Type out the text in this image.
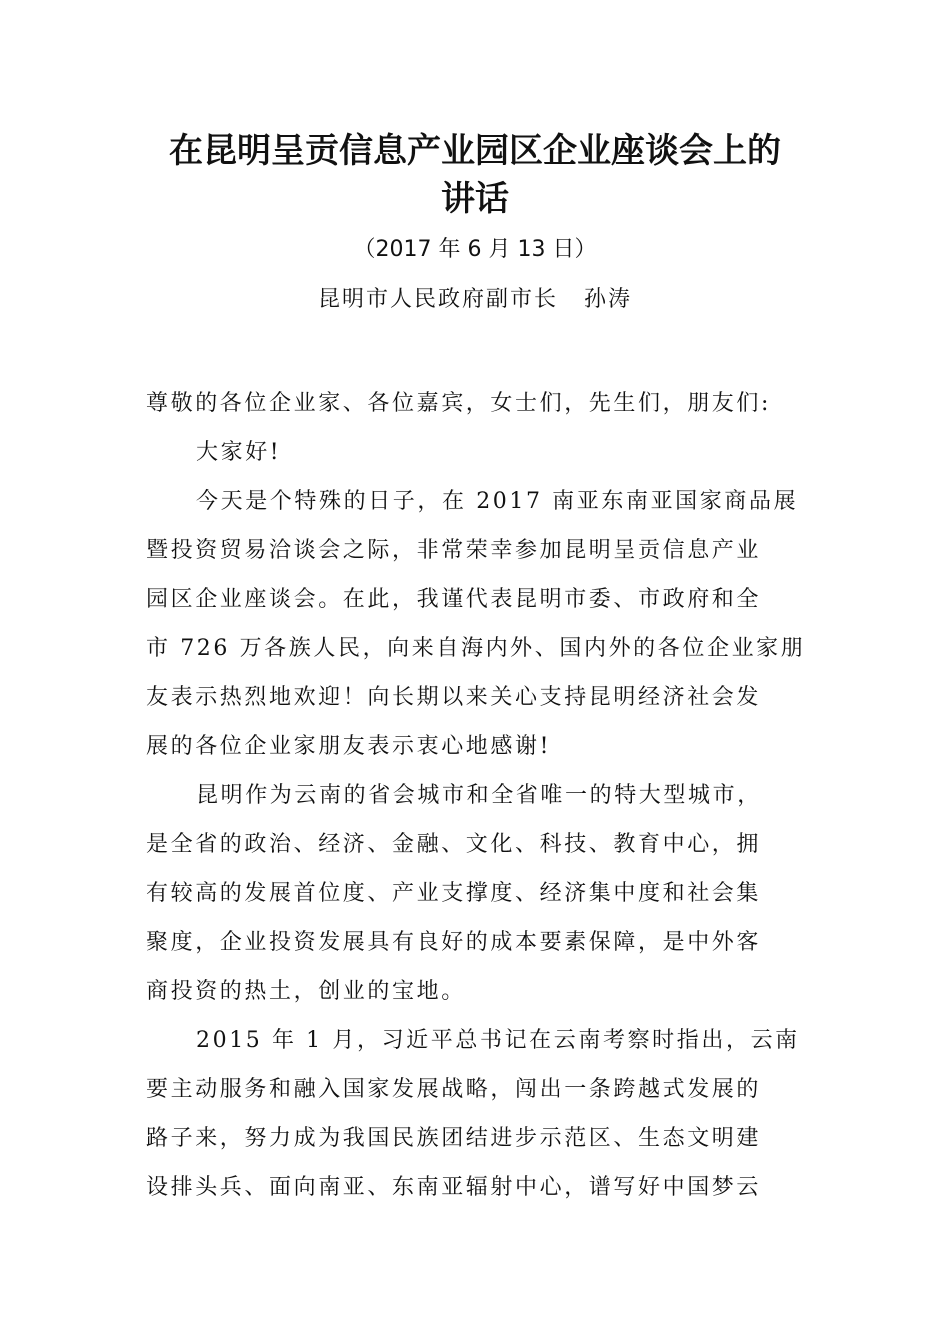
在昆明呈贡信息产业园区企业座谈会上的
讲话
（2017 年 6 月 13 日）
昆明市人民政府副市长 孙涛
尊敬的各位企业家、各位嘉宾，女士们，先生们，朋友们:
大家好!
今天是个特殊的日子，在 2017 南亚东南亚国家商品展
暨投资贸易洽谈会之际，非常荣幸参加昆明呈贡信息产业
园区企业座谈会。在此，我谨代表昆明市委、市政府和全
市 726 万各族人民，向来自海内外、国内外的各位企业家朋
友表示热烈地欢迎！向长期以来关心支持昆明经济社会发
展的各位企业家朋友表示衷心地感谢!
昆明作为云南的省会城市和全省唯一的特大型城市，
是全省的政治、经济、金融、文化、科技、教育中心，拥
有较高的发展首位度、产业支撑度、经济集中度和社会集
聚度，企业投资发展具有良好的成本要素保障，是中外客
商投资的热土，创业的宝地。
2015 年 1 月，习近平总书记在云南考察时指出，云南
要主动服务和融入国家发展战略，闯出一条跨越式发展的
路子来，努力成为我国民族团结进步示范区、生态文明建
设排头兵、面向南亚、东南亚辐射中心，谱写好中国梦云
